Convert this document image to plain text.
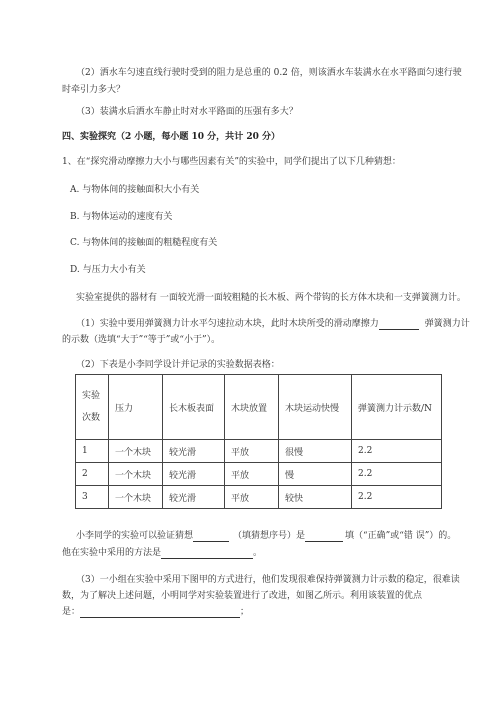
（2）洒水车匀速直线行驶时受到的阻力是总重的 0.2 倍，则该洒水车装满水在水平路面匀速行驶
时牵引力多大？
（3）装满水后洒水车静止时对水平路面的压强有多大？
四、实验探究（2 小题，每小题 10 分，共计 20 分）
1、在“探究滑动摩擦力大小与哪些因素有关”的实验中，同学们提出了以下几种猜想：
A. 与物体间的接触面积大小有关
B. 与物体运动的速度有关
C. 与物体间的接触面的粗糙程度有关
D. 与压力大小有关
实验室提供的器材有 一面较光滑一面较粗糙的长木板、两个带钩的长方体木块和一支弹簧测力计。
（1）实验中要用弹簧测力计水平匀速拉动木块，此时木块所受的滑动摩擦力	弹簧测力计
的示数（选填“大于”“等于”或“小于”）。
（2）下表是小李同学设计并记录的实验数据表格：
实验
次数	压力	长木板表面	木块放置	木块运动快慢	弹簧测力计示数/N
1	一个木块	较光滑	平放	很慢	2.2
2	一个木块	较光滑	平放	慢	2.2
3	一个木块	较光滑	平放	较快	2.2
小李同学的实验可以验证猜想	（填猜想序号）是	填（“正确”或“错 误”）的。
他在实验中采用的方法是	。
（3）一小组在实验中采用下图甲的方式进行，他们发现很难保持弹簧测力计示数的稳定，很难读
数，为了解决上述问题，小明同学对实验装置进行了改进，如图乙所示。利用该装置的优点
是：	；
